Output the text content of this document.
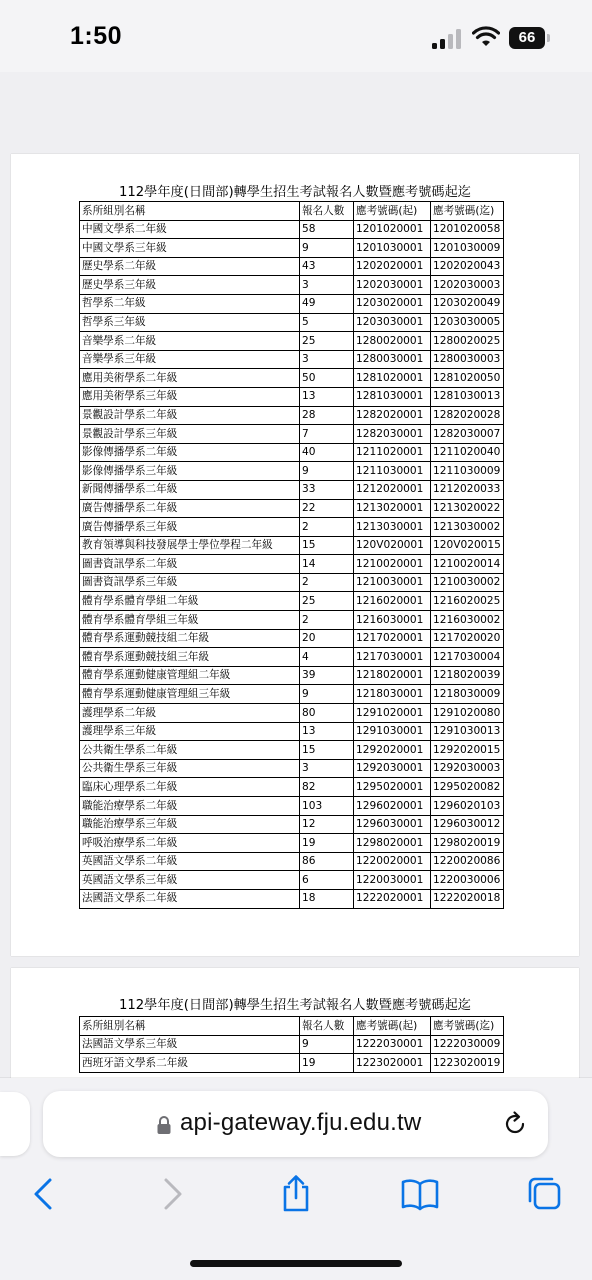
1:50	66
112學年度(日間部)轉學生招生考試報名人數暨應考號碼起迄
系所組別名稱	報名人數	應考號碼(起)	應考號碼(迄)
中國文學系二年級	58	1201020001	1201020058
中國文學系三年級	9	1201030001	1201030009
歷史學系二年級	43	1202020001	1202020043
歷史學系三年級	3	1202030001	1202030003
哲學系二年級	49	1203020001	1203020049
哲學系三年級	5	1203030001	1203030005
音樂學系二年級	25	1280020001	1280020025
音樂學系三年級	3	1280030001	1280030003
應用美術學系二年級	50	1281020001	1281020050
應用美術學系三年級	13	1281030001	1281030013
景觀設計學系二年級	28	1282020001	1282020028
景觀設計學系三年級	7	1282030001	1282030007
影像傳播學系二年級	40	1211020001	1211020040
影像傳播學系三年級	9	1211030001	1211030009
新聞傳播學系二年級	33	1212020001	1212020033
廣告傳播學系二年級	22	1213020001	1213020022
廣告傳播學系三年級	2	1213030001	1213030002
教育領導與科技發展學士學位學程二年級	15	120V020001	120V020015
圖書資訊學系二年級	14	1210020001	1210020014
圖書資訊學系三年級	2	1210030001	1210030002
體育學系體育學組二年級	25	1216020001	1216020025
體育學系體育學組三年級	2	1216030001	1216030002
體育學系運動競技組二年級	20	1217020001	1217020020
體育學系運動競技組三年級	4	1217030001	1217030004
體育學系運動健康管理組二年級	39	1218020001	1218020039
體育學系運動健康管理組三年級	9	1218030001	1218030009
護理學系二年級	80	1291020001	1291020080
護理學系三年級	13	1291030001	1291030013
公共衛生學系二年級	15	1292020001	1292020015
公共衛生學系三年級	3	1292030001	1292030003
臨床心理學系二年級	82	1295020001	1295020082
職能治療學系二年級	103	1296020001	1296020103
職能治療學系三年級	12	1296030001	1296030012
呼吸治療學系二年級	19	1298020001	1298020019
英國語文學系二年級	86	1220020001	1220020086
英國語文學系三年級	6	1220030001	1220030006
法國語文學系二年級	18	1222020001	1222020018
112學年度(日間部)轉學生招生考試報名人數暨應考號碼起迄
系所組別名稱	報名人數	應考號碼(起)	應考號碼(迄)
法國語文學系三年級	9	1222030001	1222030009
西班牙語文學系二年級	19	1223020001	1223020019
api-gateway.fju.edu.tw
